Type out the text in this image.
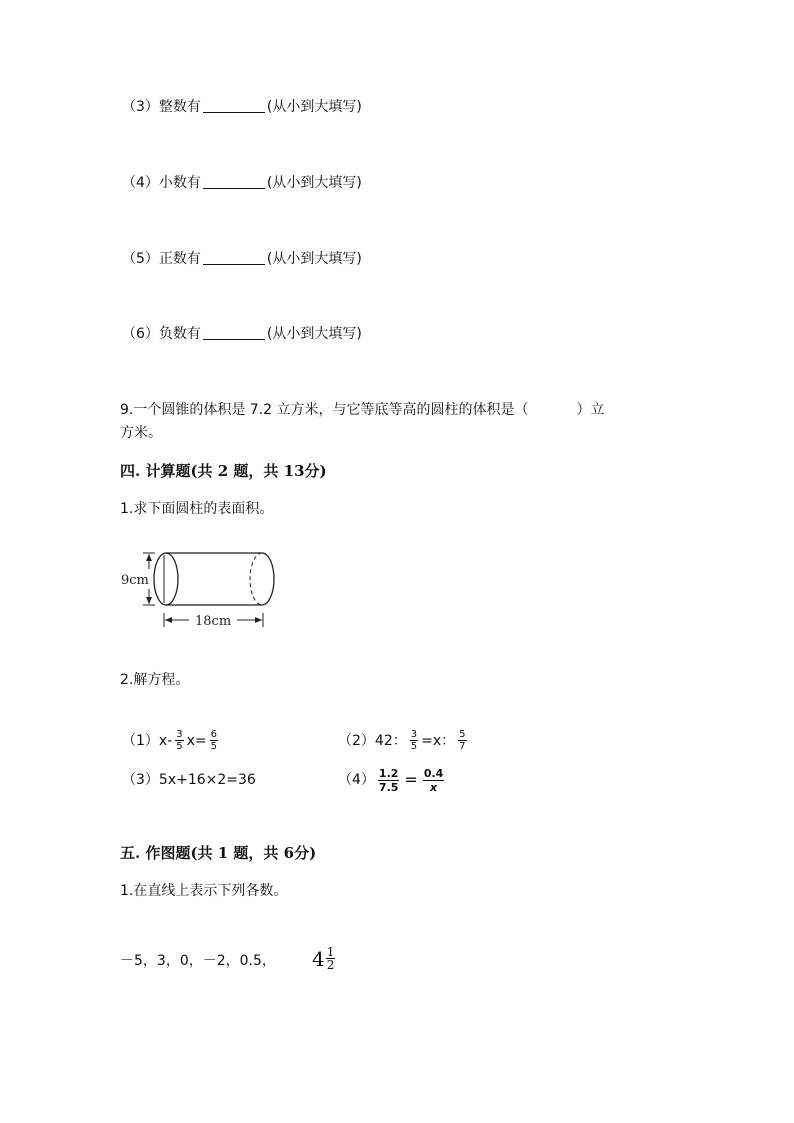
（3）整数有	(从小到大填写)
（4）小数有	(从小到大填写)
（5）正数有	(从小到大填写)
（6）负数有	(从小到大填写)
9.一个圆锥的体积是 7.2 立方米，与它等底等高的圆柱的体积是（	）立
方米。
四. 计算题(共 2 题，共 13分)
1.求下面圆柱的表面积。
9cm
18cm
2.解方程。
（1） $x- \frac{3}{5} x= \frac{6}{5}$	（2） 42： $\frac{3}{5} =x$： $\frac{5}{7}$
（3）5x+16×2=36	$(4) \frac{1.2}{7.5} = \frac{0.4}{x}$
五. 作图题(共 1 题，共 6分)
1.在直线上表示下列各数。
－5，3，0，－2，0.5， $4 \frac{1}{2}$
